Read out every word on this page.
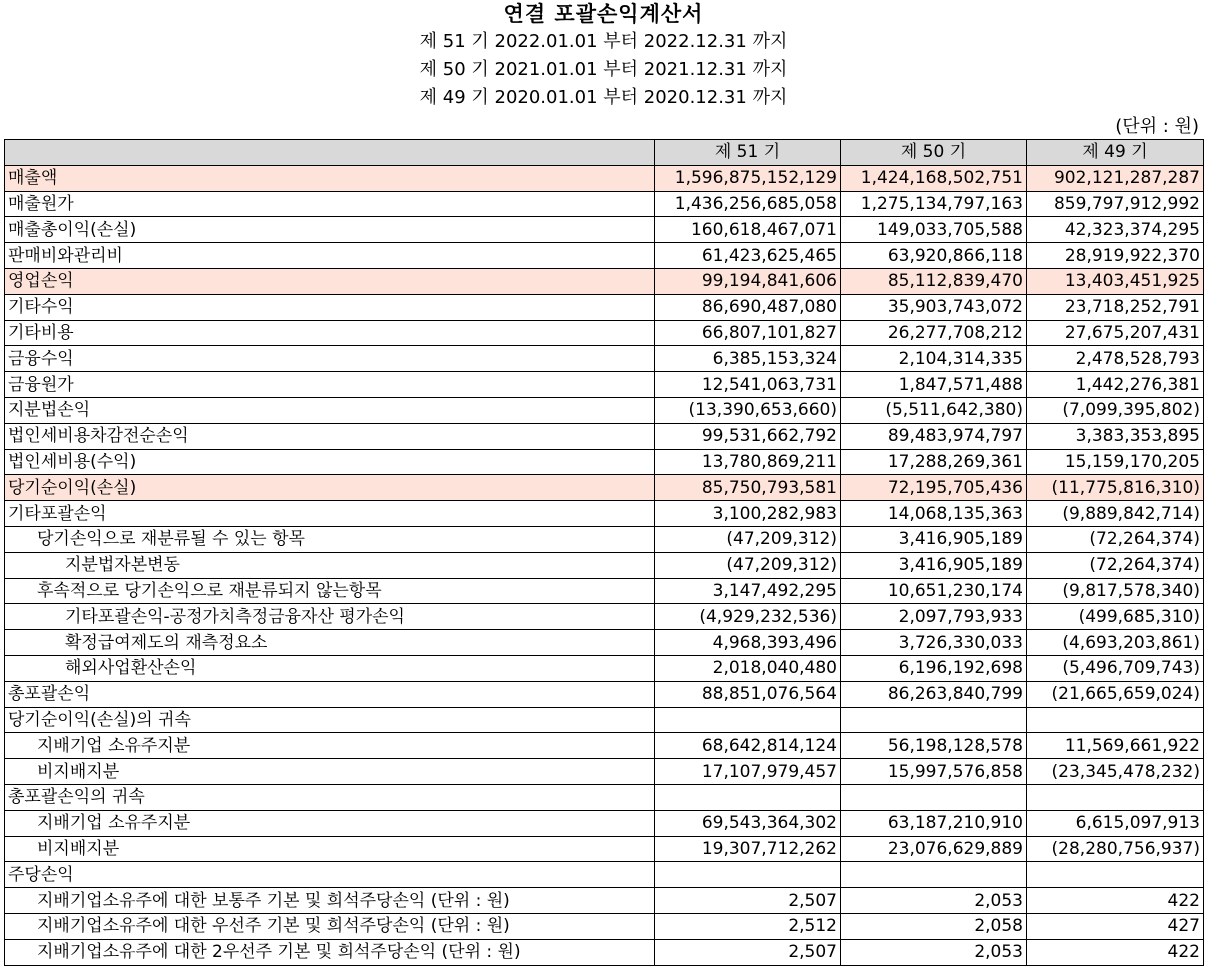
연결 포괄손익계산서
제 51 기 2022.01.01 부터 2022.12.31 까지
제 50 기 2021.01.01 부터 2021.12.31 까지
제 49 기 2020.01.01 부터 2020.12.31 까지
(단위 : 원)
	제 51 기	제 50 기	제 49 기
매출액	1,596,875,152,129	1,424,168,502,751	902,121,287,287
매출원가	1,436,256,685,058	1,275,134,797,163	859,797,912,992
매출총이익(손실)	160,618,467,071	149,033,705,588	42,323,374,295
판매비와관리비	61,423,625,465	63,920,866,118	28,919,922,370
영업손익	99,194,841,606	85,112,839,470	13,403,451,925
기타수익	86,690,487,080	35,903,743,072	23,718,252,791
기타비용	66,807,101,827	26,277,708,212	27,675,207,431
금융수익	6,385,153,324	2,104,314,335	2,478,528,793
금융원가	12,541,063,731	1,847,571,488	1,442,276,381
지분법손익	(13,390,653,660)	(5,511,642,380)	(7,099,395,802)
법인세비용차감전순손익	99,531,662,792	89,483,974,797	3,383,353,895
법인세비용(수익)	13,780,869,211	17,288,269,361	15,159,170,205
당기순이익(손실)	85,750,793,581	72,195,705,436	(11,775,816,310)
기타포괄손익	3,100,282,983	14,068,135,363	(9,889,842,714)
당기손익으로 재분류될 수 있는 항목	(47,209,312)	3,416,905,189	(72,264,374)
지분법자본변동	(47,209,312)	3,416,905,189	(72,264,374)
후속적으로 당기손익으로 재분류되지 않는항목	3,147,492,295	10,651,230,174	(9,817,578,340)
기타포괄손익-공정가치측정금융자산 평가손익	(4,929,232,536)	2,097,793,933	(499,685,310)
확정급여제도의 재측정요소	4,968,393,496	3,726,330,033	(4,693,203,861)
해외사업환산손익	2,018,040,480	6,196,192,698	(5,496,709,743)
총포괄손익	88,851,076,564	86,263,840,799	(21,665,659,024)
당기순이익(손실)의 귀속			
지배기업 소유주지분	68,642,814,124	56,198,128,578	11,569,661,922
비지배지분	17,107,979,457	15,997,576,858	(23,345,478,232)
총포괄손익의 귀속			
지배기업 소유주지분	69,543,364,302	63,187,210,910	6,615,097,913
비지배지분	19,307,712,262	23,076,629,889	(28,280,756,937)
주당손익			
지배기업소유주에 대한 보통주 기본 및 희석주당손익 (단위 : 원)	2,507	2,053	422
지배기업소유주에 대한 우선주 기본 및 희석주당손익 (단위 : 원)	2,512	2,058	427
지배기업소유주에 대한 2우선주 기본 및 희석주당손익 (단위 : 원)	2,507	2,053	422
